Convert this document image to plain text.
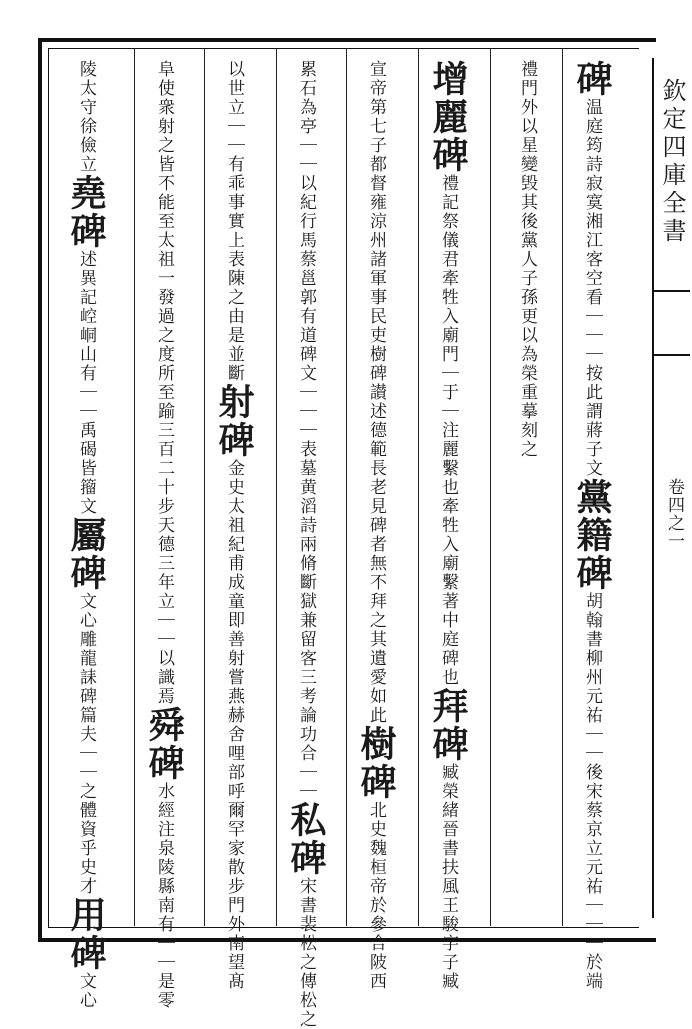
欽定四庫全書
卷四之一
碑温庭筠詩寂寞湘江客空看｜｜｜按此謂蔣子文黨籍碑胡翰書柳州元祐｜｜後宋蔡京立元祐｜｜｜於端
禮門外以星變毁其後黨人子孫更以為榮重摹刻之
增麗碑禮記祭儀君牽牲入廟門｜于｜注麗繫也牽牲入廟繫著中庭碑也拜碑臧榮緒晉書扶風王駿字子臧
宣帝第七子都督雍涼州諸軍事民吏樹碑讃述德範長老見碑者無不拜之其遺愛如此樹碑北史魏桓帝於參合陂西
累石為亭｜｜以紀行馬蔡邕郭有道碑文｜｜｜表墓黄滔詩兩脩斷獄兼留客三考論功合｜｜私碑宋書裴松之傳松之
以世立｜｜有乖事實上表陳之由是並斷射碑金史太祖紀甫成童即善射嘗燕赫舍哩部呼爾罕家散步門外南望髙
阜使衆射之皆不能至太祖一發過之度所至踰三百二十步天德三年立｜｜以識焉舜碑水經注泉陵縣南有｜｜是零
陵太守徐儉立堯碑述異記崆峒山有｜｜禹碣皆籀文屬碑文心雕龍誄碑篇夫｜｜之體資乎史才用碑文心
